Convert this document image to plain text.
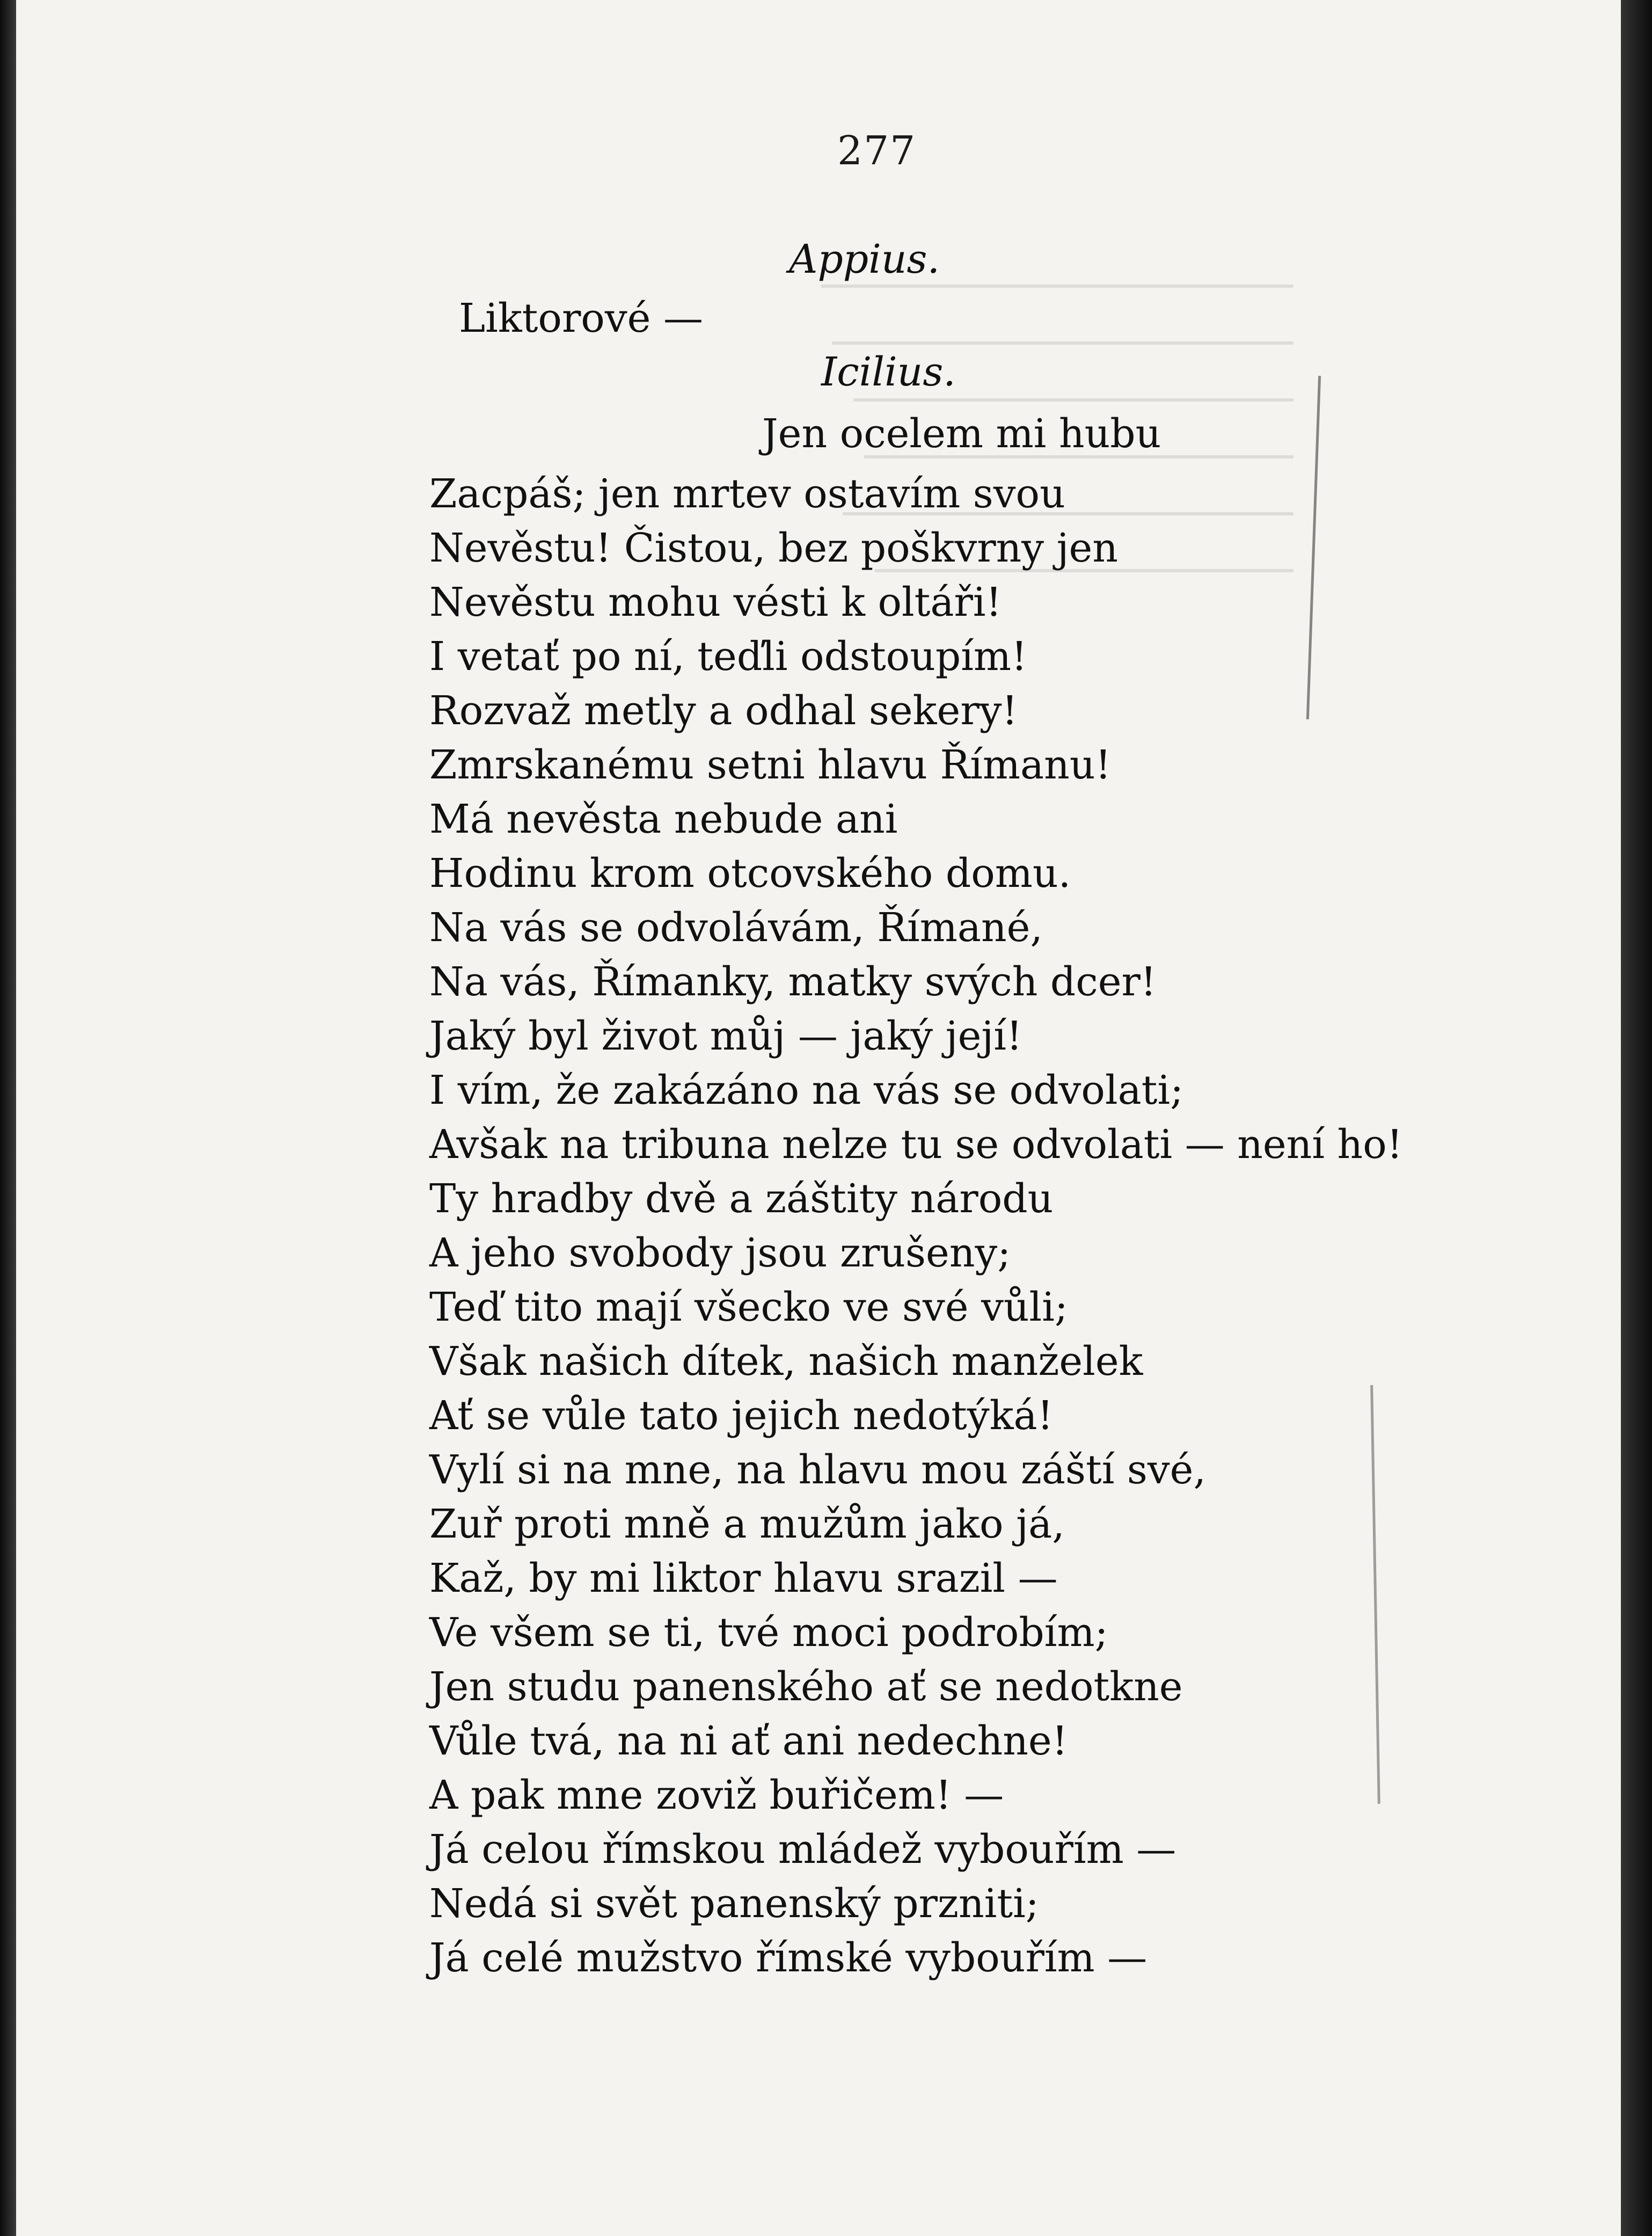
277
Appius.
Liktorové —
Icilius.
Jen ocelem mi hubu
Zacpáš; jen mrtev ostavím svou
Nevěstu! Čistou, bez poškvrny jen
Nevěstu mohu vésti k oltáři!
I vetať po ní, teďli odstoupím!
Rozvaž metly a odhal sekery!
Zmrskanému setni hlavu Římanu!
Má nevěsta nebude ani
Hodinu krom otcovského domu.
Na vás se odvolávám, Římané,
Na vás, Římanky, matky svých dcer!
Jaký byl život můj — jaký její!
I vím, že zakázáno na vás se odvolati;
Avšak na tribuna nelze tu se odvolati — není ho!
Ty hradby dvě a záštity národu
A jeho svobody jsou zrušeny;
Teď tito mají všecko ve své vůli;
Však našich dítek, našich manželek
Ať se vůle tato jejich nedotýká!
Vylí si na mne, na hlavu mou záští své,
Zuř proti mně a mužům jako já,
Kaž, by mi liktor hlavu srazil —
Ve všem se ti, tvé moci podrobím;
Jen studu panenského ať se nedotkne
Vůle tvá, na ni ať ani nedechne!
A pak mne zoviž buřičem! —
Já celou římskou mládež vybouřím —
Nedá si svět panenský przniti;
Já celé mužstvo římské vybouřím —
